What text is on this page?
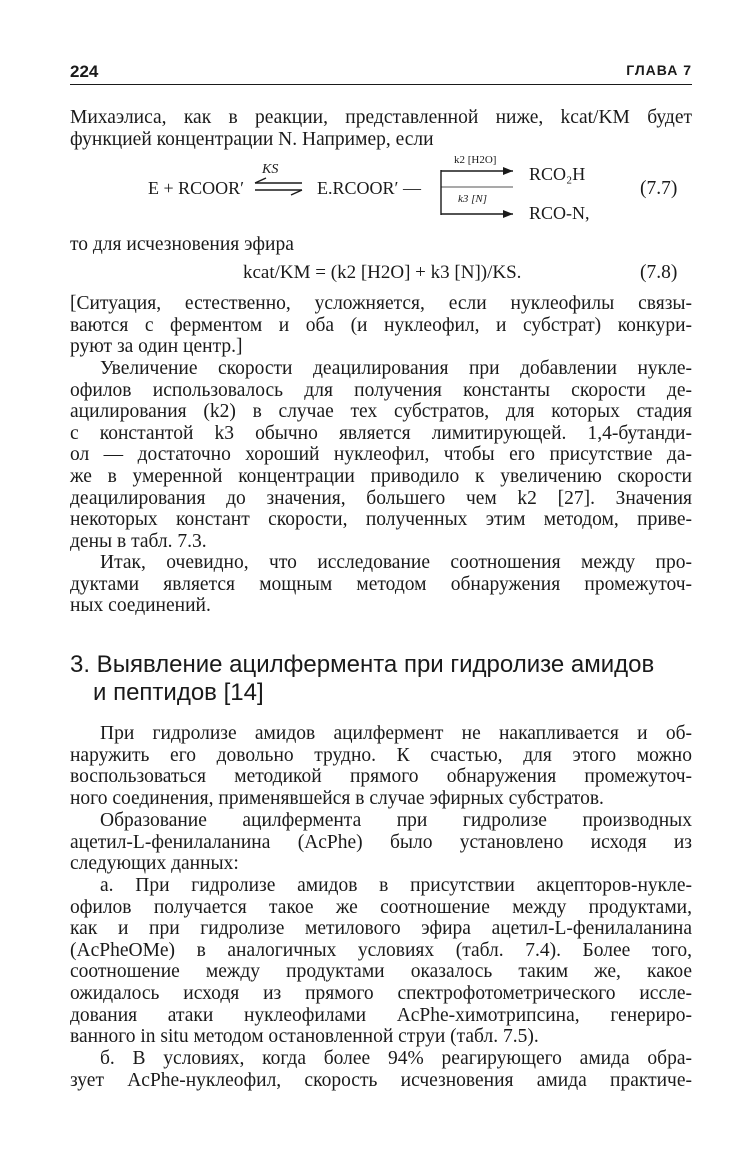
224	ГЛАВА 7
Михаэлиса, как в реакции, представленной ниже, kcat/KM будет
функцией концентрации N. Например, если
E + RCOOR′
KS
E.RCOOR′ —
k2 [H2O]
k3 [N]
RCO₂H
RCO-N,
(7.7)
то для исчезновения эфира
kcat/KM = (k2 [H2O] + k3 [N])/KS.	(7.8)
[Ситуация, естественно, усложняется, если нуклеофилы связы-
ваются с ферментом и оба (и нуклеофил, и субстрат) конкури-
руют за один центр.]
Увеличение скорости деацилирования при добавлении нукле-
офилов использовалось для получения константы скорости де-
ацилирования (k2) в случае тех субстратов, для которых стадия
с константой k3 обычно является лимитирующей. 1,4-бутанди-
ол — достаточно хороший нуклеофил, чтобы его присутствие да-
же в умеренной концентрации приводило к увеличению скорости
деацилирования до значения, большего чем k2 [27]. Значения
некоторых констант скорости, полученных этим методом, приве-
дены в табл. 7.3.
Итак, очевидно, что исследование соотношения между про-
дуктами является мощным методом обнаружения промежуточ-
ных соединений.
3. Выявление ацилфермента при гидролизе амидов
и пептидов [14]
При гидролизе амидов ацилфермент не накапливается и об-
наружить его довольно трудно. К счастью, для этого можно
воспользоваться методикой прямого обнаружения промежуточ-
ного соединения, применявшейся в случае эфирных субстратов.
Образование ацилфермента при гидролизе производных
ацетил-L-фенилаланина (AcPhe) было установлено исходя из
следующих данных:
а. При гидролизе амидов в присутствии акцепторов-нукле-
офилов получается такое же соотношение между продуктами,
как и при гидролизе метилового эфира ацетил-L-фенилаланина
(AcPheOMe) в аналогичных условиях (табл. 7.4). Более того,
соотношение между продуктами оказалось таким же, какое
ожидалось исходя из прямого спектрофотометрического иссле-
дования атаки нуклеофилами AcPhe-химотрипсина, генериро-
ванного in situ методом остановленной струи (табл. 7.5).
б. В условиях, когда более 94% реагирующего амида обра-
зует AcPhe-нуклеофил, скорость исчезновения амида практиче-
